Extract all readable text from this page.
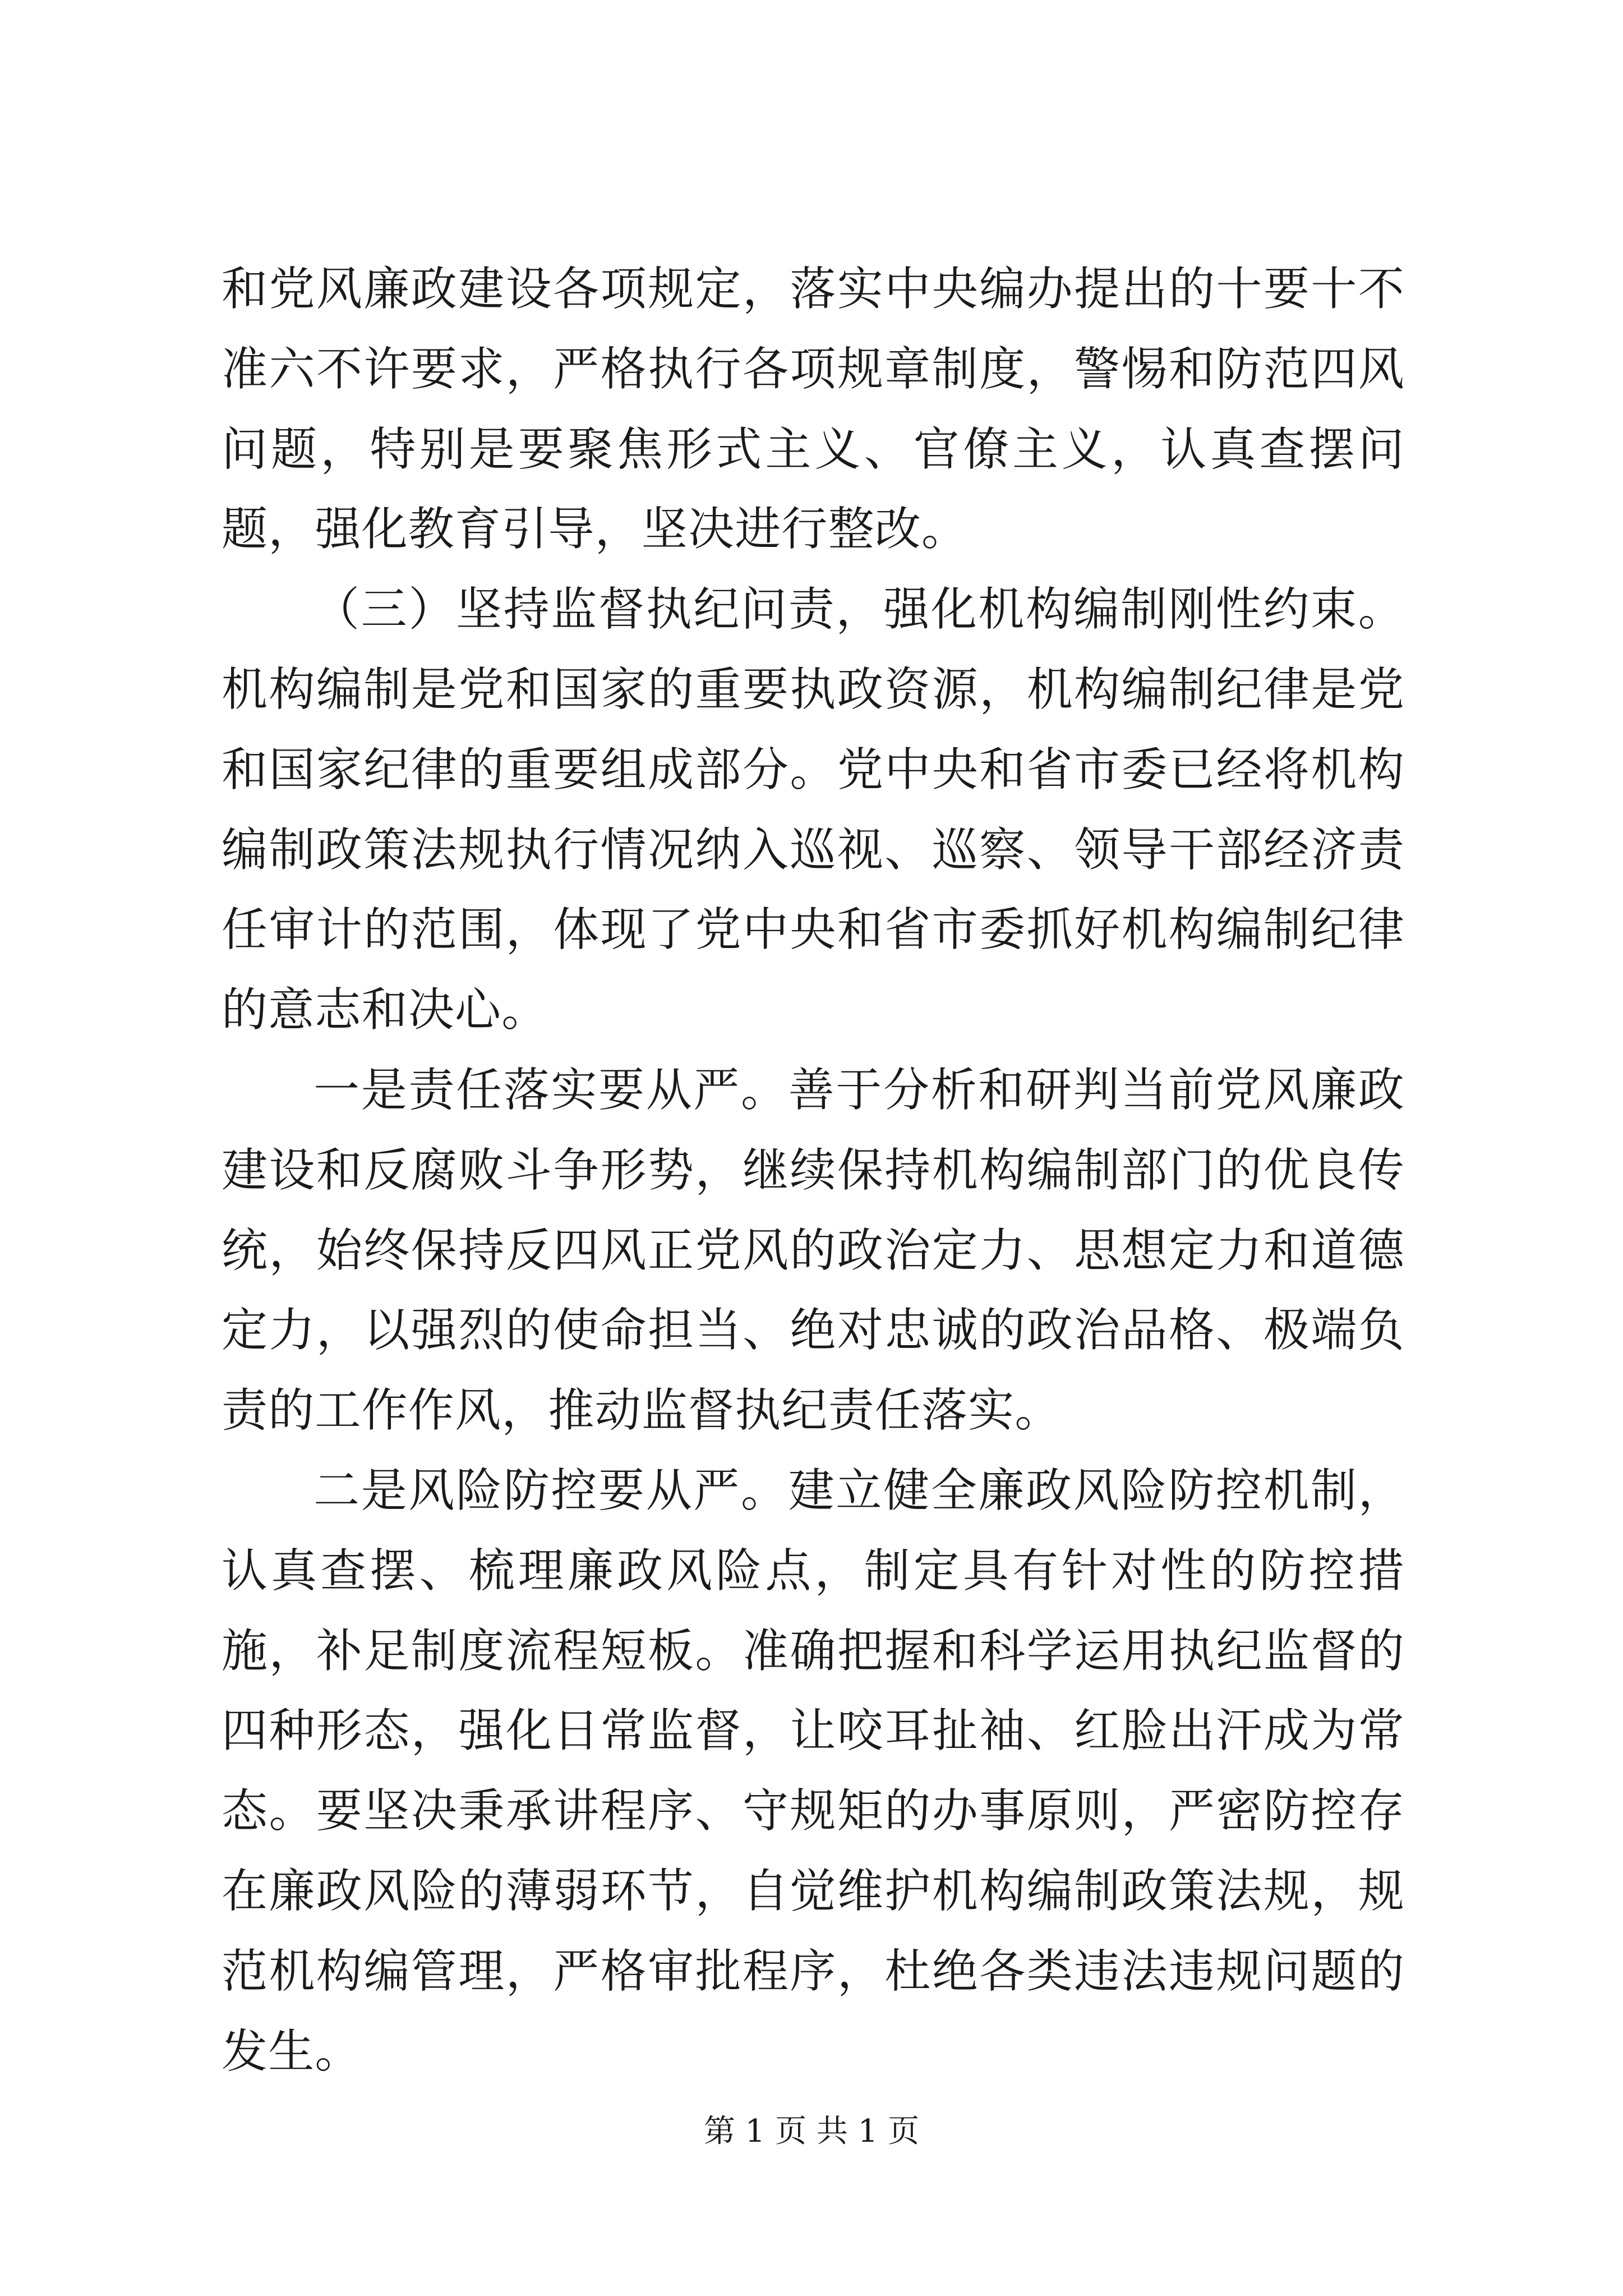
和党风廉政建设各项规定，落实中央编办提出的十要十不准六不许要求，严格执行各项规章制度，警惕和防范四风问题，特别是要聚焦形式主义、官僚主义，认真查摆问题，强化教育引导，坚决进行整改。

（三）坚持监督执纪问责，强化机构编制刚性约束。机构编制是党和国家的重要执政资源，机构编制纪律是党和国家纪律的重要组成部分。党中央和省市委已经将机构编制政策法规执行情况纳入巡视、巡察、领导干部经济责任审计的范围，体现了党中央和省市委抓好机构编制纪律的意志和决心。

一是责任落实要从严。善于分析和研判当前党风廉政建设和反腐败斗争形势，继续保持机构编制部门的优良传统，始终保持反四风正党风的政治定力、思想定力和道德定力，以强烈的使命担当、绝对忠诚的政治品格、极端负责的工作作风，推动监督执纪责任落实。

二是风险防控要从严。建立健全廉政风险防控机制，认真查摆、梳理廉政风险点，制定具有针对性的防控措施，补足制度流程短板。准确把握和科学运用执纪监督的四种形态，强化日常监督，让咬耳扯袖、红脸出汗成为常态。要坚决秉承讲程序、守规矩的办事原则，严密防控存在廉政风险的薄弱环节，自觉维护机构编制政策法规，规范机构编管理，严格审批程序，杜绝各类违法违规问题的发生。

第 1 页 共 1 页
